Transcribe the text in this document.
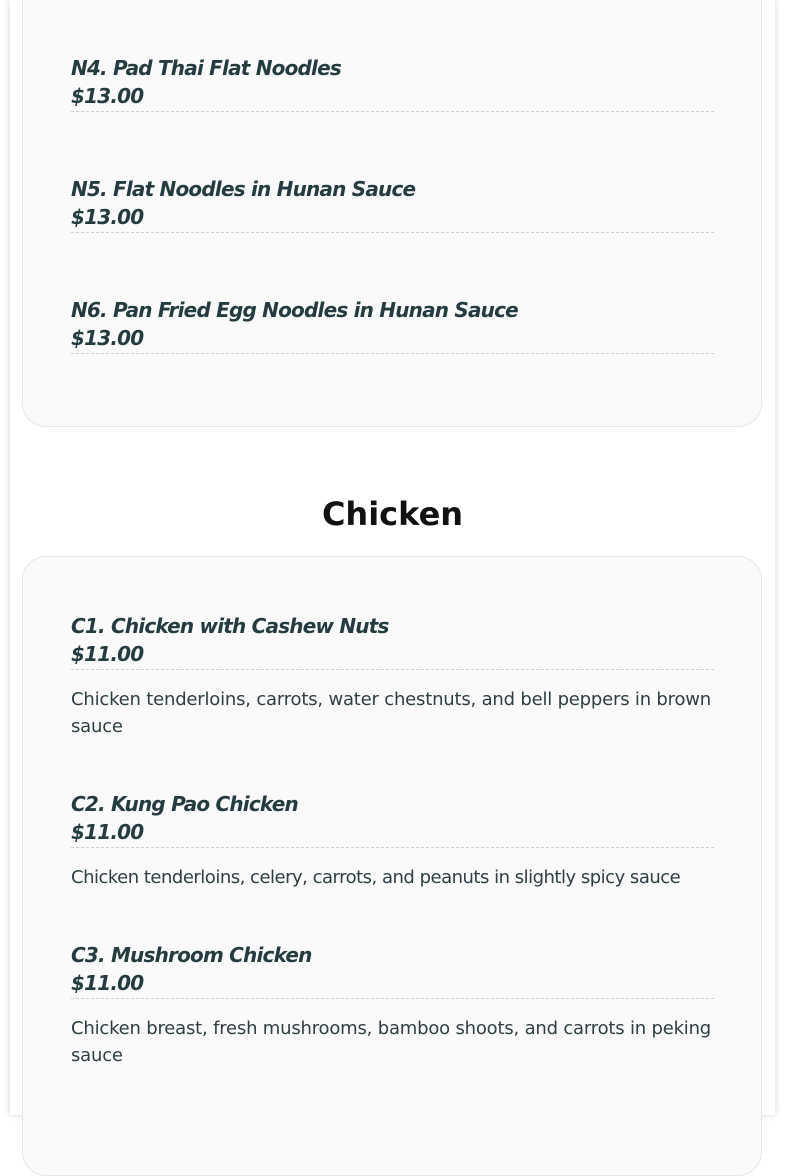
N4. Pad Thai Flat Noodles
$13.00
N5. Flat Noodles in Hunan Sauce
$13.00
N6. Pan Fried Egg Noodles in Hunan Sauce
$13.00
Chicken
C1. Chicken with Cashew Nuts
$11.00
Chicken tenderloins, carrots, water chestnuts, and bell peppers in brown sauce
C2. Kung Pao Chicken
$11.00
Chicken tenderloins, celery, carrots, and peanuts in slightly spicy sauce
C3. Mushroom Chicken
$11.00
Chicken breast, fresh mushrooms, bamboo shoots, and carrots in peking sauce
